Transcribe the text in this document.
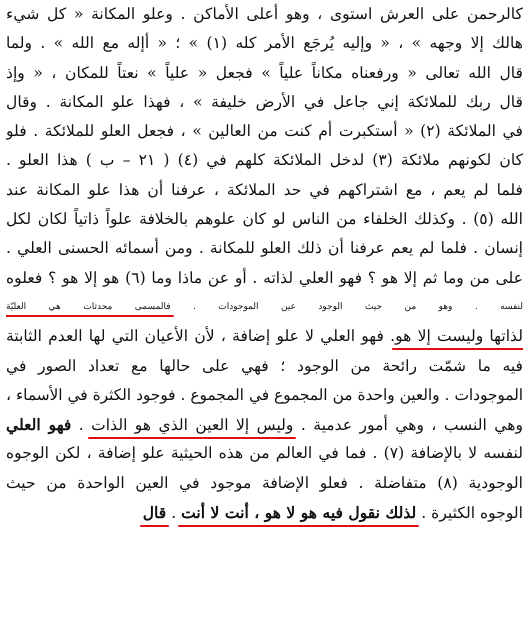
كالرحمن على العرش استوى ، وهو أعلى الأماكن . وعلو المكانة « كل شيء
هالك إلا وجهه » ، « وإليه يُرجَع الأمر كله (١) » ؛ « أإله مع الله » . ولما
قال الله تعالى « ورفعناه مكاناً علياً » فجعل « علياً » نعتاً للمكان ، « وإذ
قال ربك للملائكة إني جاعل في الأرض خليفة » ، فهذا علو المكانة . وقال
في الملائكة (٢) « أستكبرت أم كنت من العالين » ، فجعل العلو للملائكة . فلو
كان لكونهم ملائكة (٣) لدخل الملائكة كلهم في (٤) ( ٢١ – ب ) هذا العلو .
فلما لم يعم ، مع اشتراكهم في حد الملائكة ، عرفنا أن هذا علو المكانة عند
الله (٥) . وكذلك الخلفاء من الناس لو كان علوهم بالخلافة علواً ذاتياً لكان لكل
إنسان . فلما لم يعم عرفنا أن ذلك العلو للمكانة . ومن أسمائه الحسنى العلي .
على من وما ثم إلا هو ؟ فهو العلي لذاته . أو عن ماذا وما (٦) هو إلا هو ؟ فعلوه
لنفسه . وهو من حيث الوجود عين الموجودات . فالمسمى محدثات هي العليّة
لذاتها وليست إلا هو. فهو العلي لا علو إضافة ، لأن الأعيان التي لها العدم الثابتة
فيه ما شمّت رائحة من الوجود ؛ فهي على حالها مع تعداد الصور في
الموجودات . والعين واحدة من المجموع في المجموع . فوجود الكثرة في الأسماء ،
وهي النسب ، وهي أمور عدمية . وليس إلا العين الذي هو الذات . فهو العلي
لنفسه لا بالإضافة (٧) . فما في العالم من هذه الحيثية علو إضافة ، لكن الوجوه
الوجودية (٨) متفاضلة . فعلو الإضافة موجود في العين الواحدة من حيث
الوجوه الكثيرة . لذلك نقول فيه هو لا هو ، أنت لا أنت . قال
